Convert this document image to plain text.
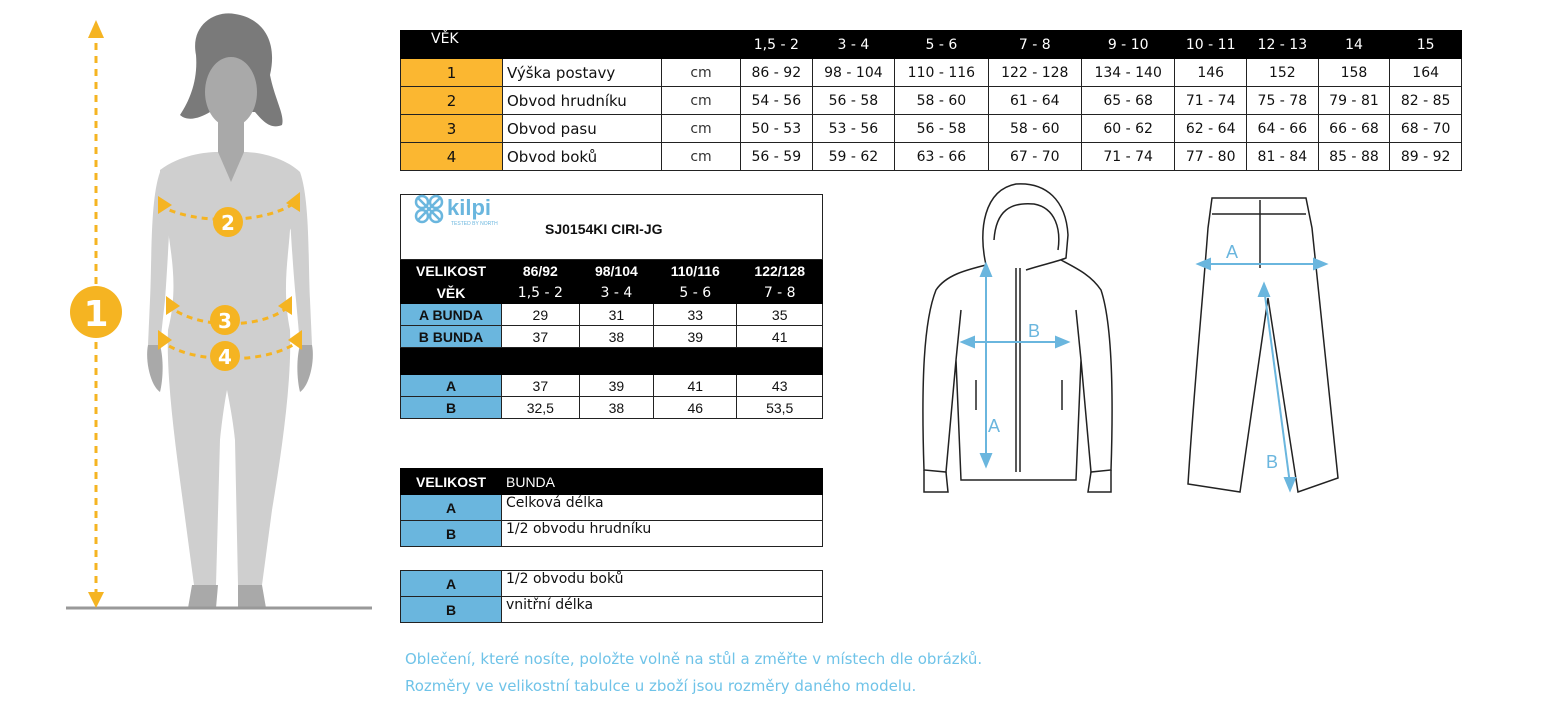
1
2
3
4
VĚK			1,5 - 2	3 - 4	5 - 6	7 - 8	9 - 10	10 - 11	12 - 13	14	15
1	Výška postavy	cm	86 - 92	98 - 104	110 - 116	122 - 128	134 - 140	146	152	158	164
2	Obvod hrudníku	cm	54 - 56	56 - 58	58 - 60	61 - 64	65 - 68	71 - 74	75 - 78	79 - 81	82 - 85
3	Obvod pasu	cm	50 - 53	53 - 56	56 - 58	58 - 60	60 - 62	62 - 64	64 - 66	66 - 68	68 - 70
4	Obvod boků	cm	56 - 59	59 - 62	63 - 66	67 - 70	71 - 74	77 - 80	81 - 84	85 - 88	89 - 92
kilpi
TESTED BY NORTH SJ0154KI CIRI-JG				

VELIKOST	86/92	98/104	110/116	122/128
VĚK	1,5 - 2	3 - 4	5 - 6	7 - 8
A BUNDA	29	31	33	35
B BUNDA	37	38	39	41

A	37	39	41	43
B	32,5	38	46	53,5
VELIKOST	BUNDA
A	Celková délka
B	1/2 obvodu hrudníku
A	1/2 obvodu boků
B	vnitřní délka
A
B
A
B
Oblečení, které nosíte, položte volně na stůl a změřte v místech dle obrázků.
Rozměry ve velikostní tabulce u zboží jsou rozměry daného modelu.
